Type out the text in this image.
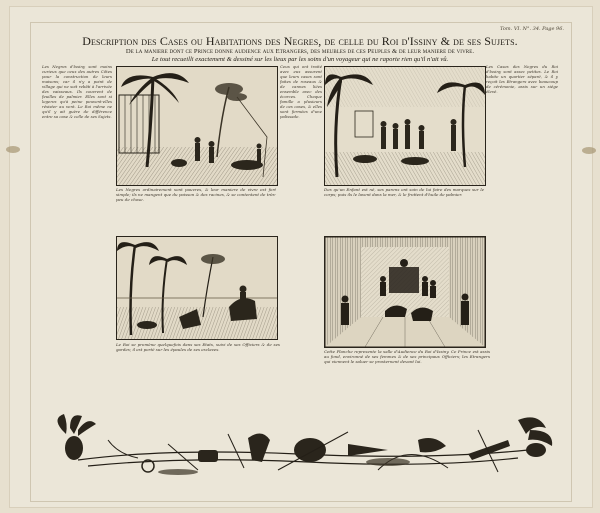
Tom. VI. N°. 34. Page 96.
Description des Cases ou Habitations des Negres, de celle du Roi d'Issiny & de ses Sujets.
De la maniere dont ce Prince donne audience aux Etrangers, des meubles de ces Peuples & de leur maniere de vivre.
Le tout recueilli exactement & dessiné sur les lieux par les soins d'un voyageur qui ne raporte rien qu'il n'ait vû.
Les Negres d'Issiny sont moins curieux que ceux des autres Côtes pour la construction de leurs maisons; car il n'y a point de village qui ne soit rebâti à l'arrivée des vaisseaux. Ils couvrent de feuilles de palmier. Elles sont si legeres qu'à peine peuvent-elles résister au vent. Le Roi même ne qu'il y ait guère de différence entre sa case & celle de ses Sujets.
Ceux qui ont traité avec eux assurent que leurs cases sont faites de roseaux & de cannes liées ensemble avec des écorces. Chaque famille a plusieurs de ces cases, & elles sont fermées d'une palissade.
Les Cases des Negres du Roi d'Issiny sont assez petites. Le Roi habite un quartier séparé, & il y reçoit les Etrangers avec beaucoup de cérémonie, assis sur un siége élevé.
Les Negres ordinairement sont pauvres, & leur maniere de vivre est fort simple; ils ne mangent que du poisson & des racines, & se contentent de très-peu de chose.
Des qu'un Enfant est né, ses parens ont soin de lui faire des marques sur le corps; puis ils le lavent dans la mer, & le frottent d'huile de palmier.
Le Roi se promène quelquefois dans ses Etats, suivi de ses Officiers & de ses gardes; il est porté sur les épaules de ses esclaves.	Cette Planche represente la salle d'Audience du Roi d'Issiny. Ce Prince est assis au fond, environné de ses femmes & de ses principaux Officiers; les Etrangers qui viennent le saluer se prosternent devant lui.
